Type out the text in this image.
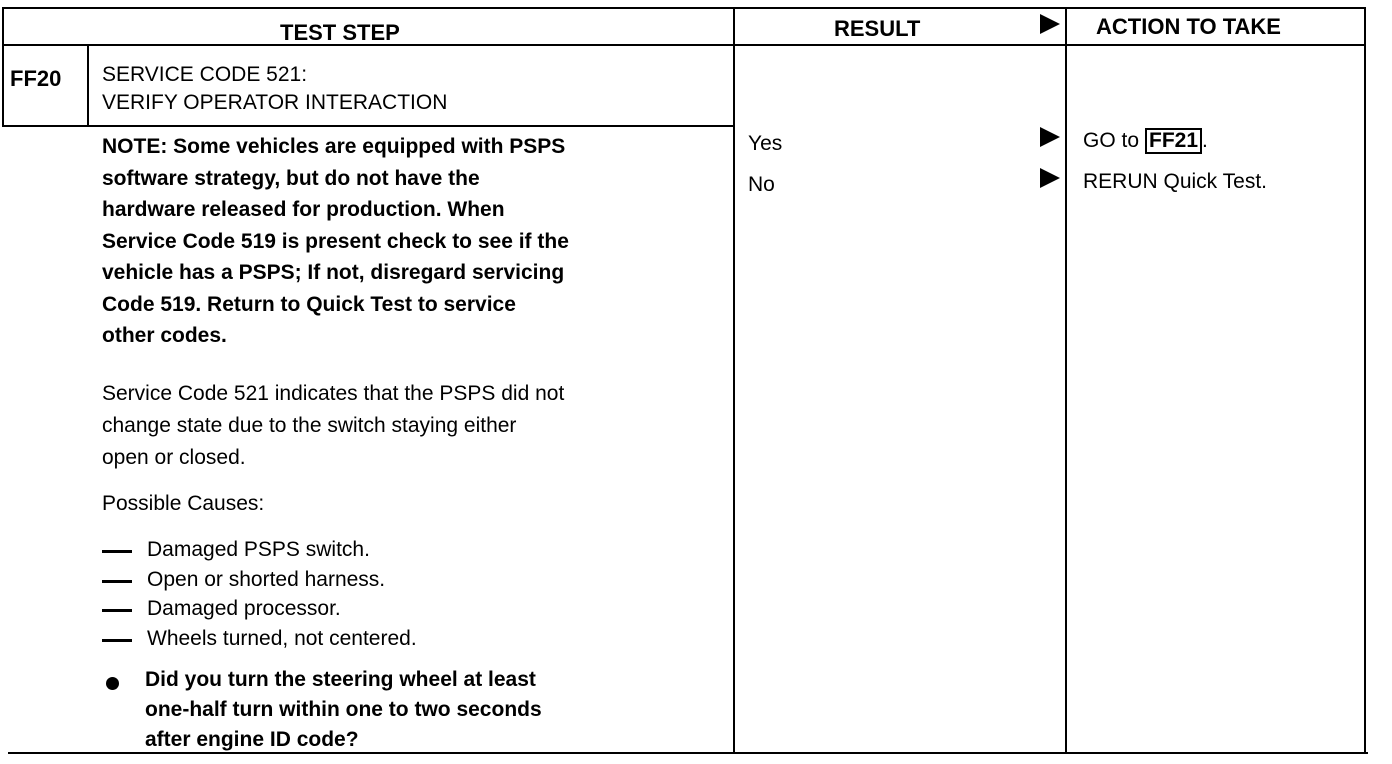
TEST STEP	RESULT	ACTION TO TAKE
FF20 SERVICE CODE 521:
VERIFY OPERATOR INTERACTION
NOTE: Some vehicles are equipped with PSPS
software strategy, but do not have the
hardware released for production. When
Service Code 519 is present check to see if the
vehicle has a PSPS; If not, disregard servicing
Code 519. Return to Quick Test to service
other codes.
Service Code 521 indicates that the PSPS did not
change state due to the switch staying either
open or closed.
Possible Causes:
Damaged PSPS switch.
Open or shorted harness.
Damaged processor.
Wheels turned, not centered.
Did you turn the steering wheel at least
one-half turn within one to two seconds
after engine ID code?
Yes
No
GO to FF21 .
RERUN Quick Test.
